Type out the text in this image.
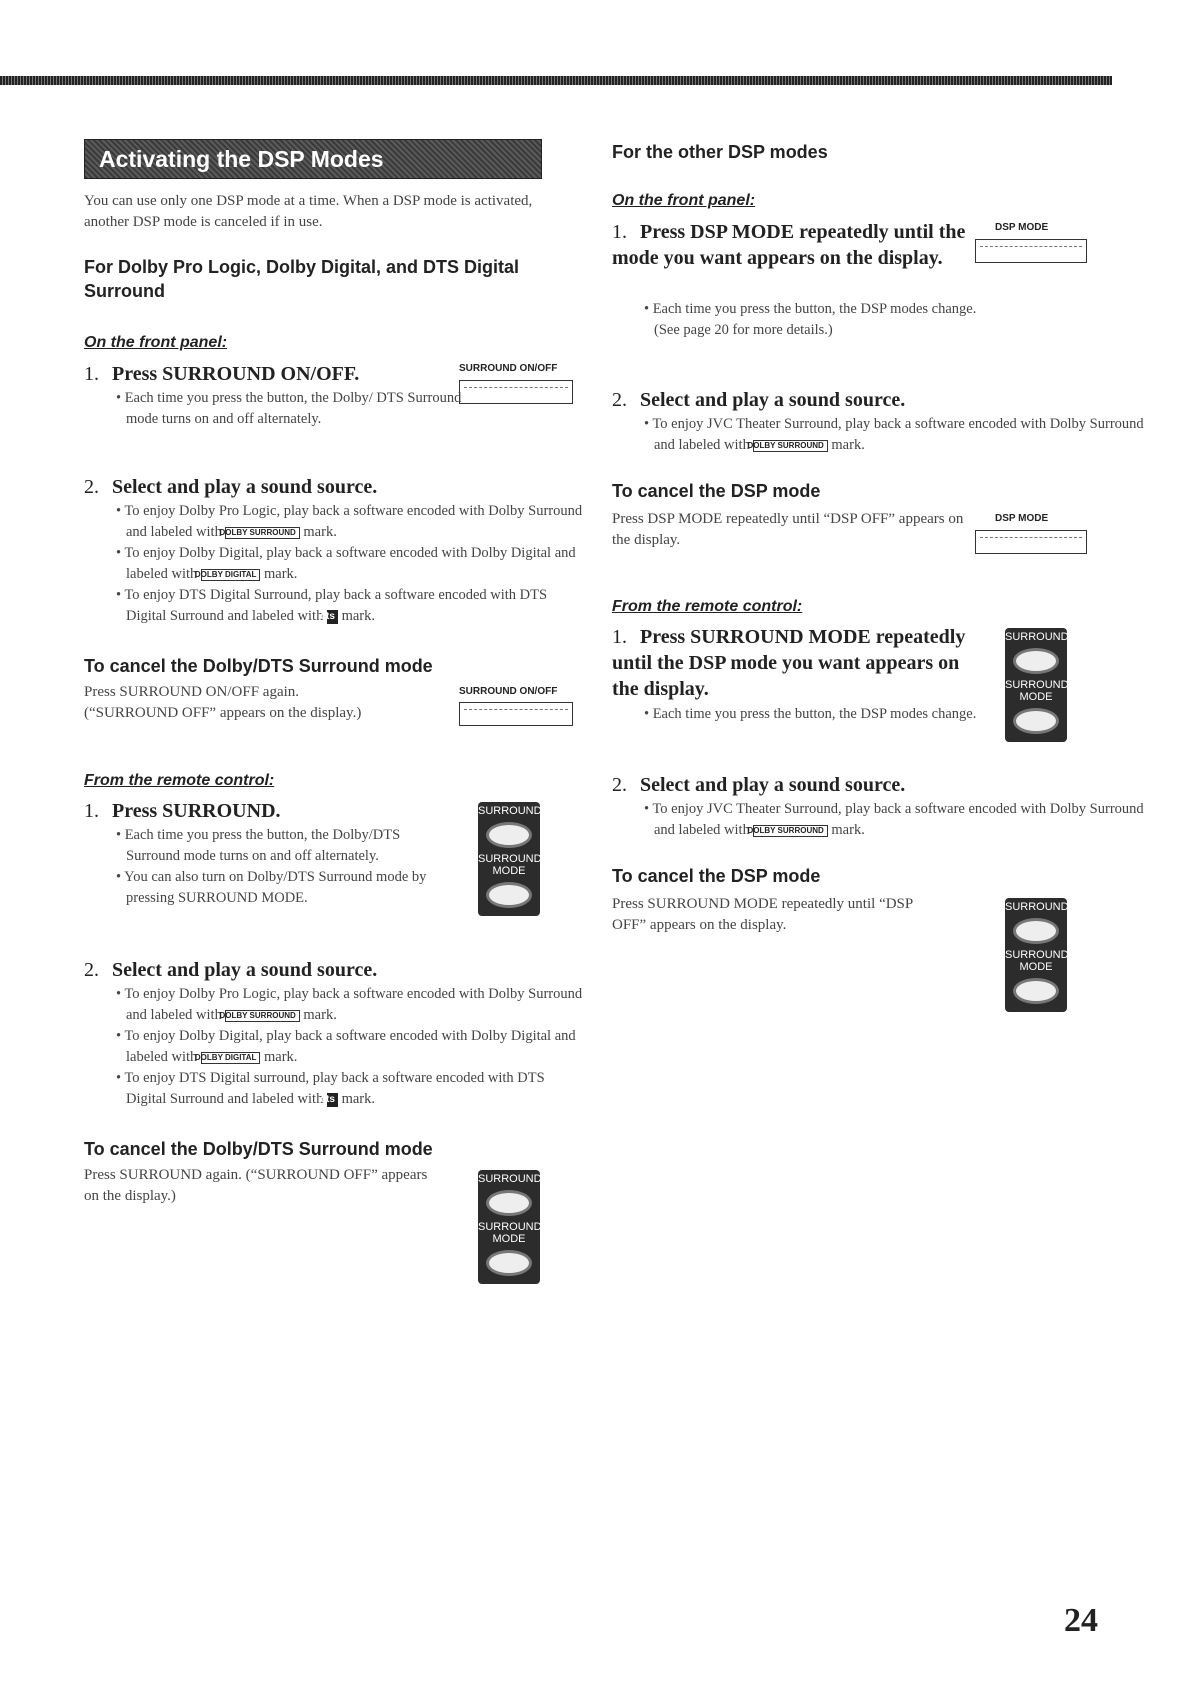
Activating the DSP Modes
You can use only one DSP mode at a time. When a DSP mode is activated, another DSP mode is canceled if in use.
For Dolby Pro Logic, Dolby Digital, and DTS Digital Surround
On the front panel:
1. Press SURROUND ON/OFF.	SURROUND ON/OFF
• Each time you press the button, the Dolby/ DTS Surround mode turns on and off alternately.
2. Select and play a sound source.
• To enjoy Dolby Pro Logic, play back a software encoded with Dolby Surround and labeled with DOLBY SURROUND mark.
• To enjoy Dolby Digital, play back a software encoded with Dolby Digital and labeled with DOLBY DIGITAL mark.
• To enjoy DTS Digital Surround, play back a software encoded with DTS Digital Surround and labeled with dts mark.
To cancel the Dolby/DTS Surround mode
Press SURROUND ON/OFF again.
(“SURROUND OFF” appears on the display.)
SURROUND ON/OFF
From the remote control:
1. Press SURROUND.
• Each time you press the button, the Dolby/DTS Surround mode turns on and off alternately.
• You can also turn on Dolby/DTS Surround mode by pressing SURROUND MODE.
SURROUND
SURROUND MODE
2. Select and play a sound source.
• To enjoy Dolby Pro Logic, play back a software encoded with Dolby Surround and labeled with DOLBY SURROUND mark.
• To enjoy Dolby Digital, play back a software encoded with Dolby Digital and labeled with DOLBY DIGITAL mark.
• To enjoy DTS Digital surround, play back a software encoded with DTS Digital Surround and labeled with dts mark.
To cancel the Dolby/DTS Surround mode
Press SURROUND again. (“SURROUND OFF” appears on the display.)
SURROUND
SURROUND MODE
For the other DSP modes
On the front panel:
1. Press DSP MODE repeatedly until the mode you want appears on the display.
DSP MODE
• Each time you press the button, the DSP modes change. (See page 20 for more details.)
2. Select and play a sound source.
• To enjoy JVC Theater Surround, play back a software encoded with Dolby Surround and labeled with DOLBY SURROUND mark.
To cancel the DSP mode
Press DSP MODE repeatedly until “DSP OFF” appears on the display.
DSP MODE
From the remote control:
1. Press SURROUND MODE repeatedly until the DSP mode you want appears on the display.
• Each time you press the button, the DSP modes change.
SURROUND
SURROUND MODE
2. Select and play a sound source.
• To enjoy JVC Theater Surround, play back a software encoded with Dolby Surround and labeled with DOLBY SURROUND mark.
To cancel the DSP mode
Press SURROUND MODE repeatedly until “DSP OFF” appears on the display.
SURROUND
SURROUND MODE
24
